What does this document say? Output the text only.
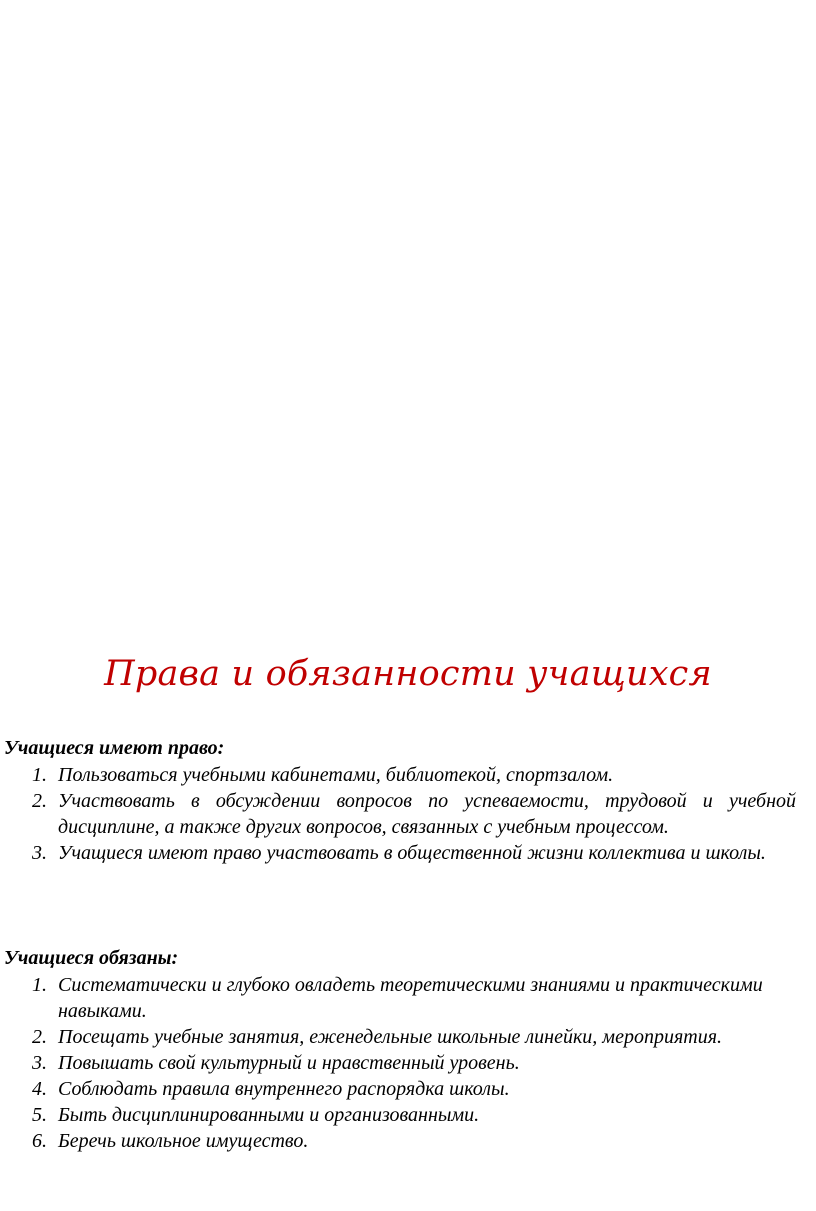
Права и обязанности учащихся
Учащиеся имеют право:
1. Пользоваться учебными кабинетами, библиотекой, спортзалом.
2. Участвовать в обсуждении вопросов по успеваемости, трудовой и учебной дисциплине, а также других вопросов, связанных с учебным процессом.
3. Учащиеся имеют право участвовать в общественной жизни коллектива и школы.
Учащиеся обязаны:
1. Систематически и глубоко овладеть теоретическими знаниями и практическими навыками.
2. Посещать учебные занятия, еженедельные школьные линейки, мероприятия.
3. Повышать свой культурный и нравственный уровень.
4. Соблюдать правила внутреннего распорядка школы.
5. Быть дисциплинированными и организованными.
6. Беречь школьное имущество.
